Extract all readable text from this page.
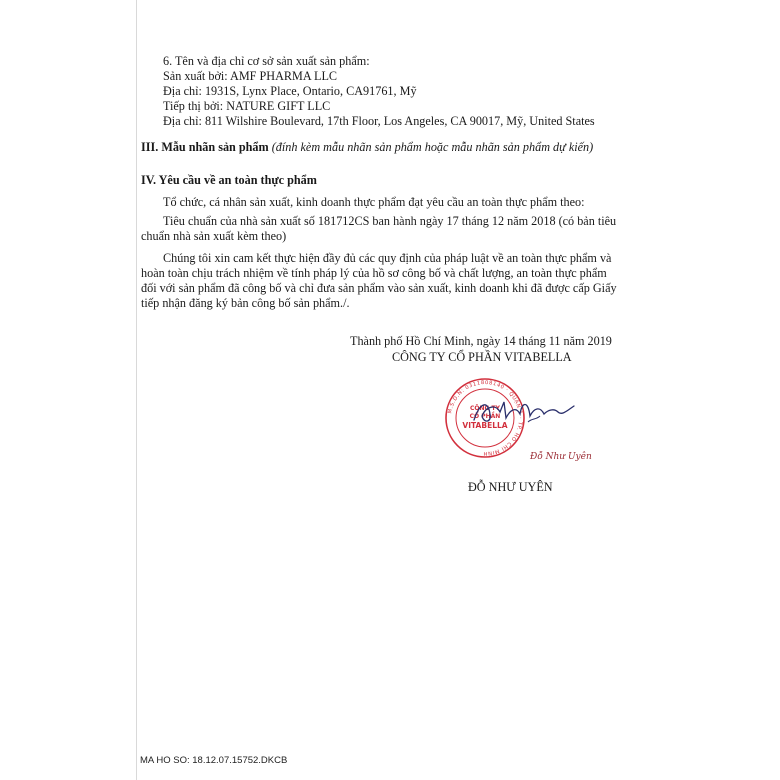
6. Tên và địa chỉ cơ sở sản xuất sản phẩm:
Sản xuất bởi: AMF PHARMA LLC
Địa chỉ: 1931S, Lynx Place, Ontario, CA91761, Mỹ
Tiếp thị bởi: NATURE GIFT LLC
Địa chỉ: 811 Wilshire Boulevard, 17th Floor, Los Angeles, CA 90017, Mỹ, United States
III. Mẫu nhãn sản phẩm (đính kèm mẫu nhãn sản phẩm hoặc mẫu nhãn sản phẩm dự kiến)
IV. Yêu cầu về an toàn thực phẩm
Tổ chức, cá nhân sản xuất, kinh doanh thực phẩm đạt yêu cầu an toàn thực phẩm theo:
Tiêu chuẩn của nhà sản xuất số 181712CS ban hành ngày 17 tháng 12 năm 2018 (có bản tiêu
chuẩn nhà sản xuất kèm theo)
Chúng tôi xin cam kết thực hiện đầy đủ các quy định của pháp luật về an toàn thực phẩm và
hoàn toàn chịu trách nhiệm về tính pháp lý của hồ sơ công bố và chất lượng, an toàn thực phẩm
đối với sản phẩm đã công bố và chỉ đưa sản phẩm vào sản xuất, kinh doanh khi đã được cấp Giấy
tiếp nhận đăng ký bản công bố sản phẩm./.
Thành phố Hồ Chí Minh, ngày 14 tháng 11 năm 2019
CÔNG TY CỔ PHẦN VITABELLA
M.S.D.N: 0311808140 · QUẬN 1 · TP. HỒ CHÍ MINH
CÔNG TY
CỔ PHẦN
VITABELLA
Đỗ Như Uyên
ĐỖ NHƯ UYÊN
MA HO SO: 18.12.07.15752.DKCB
